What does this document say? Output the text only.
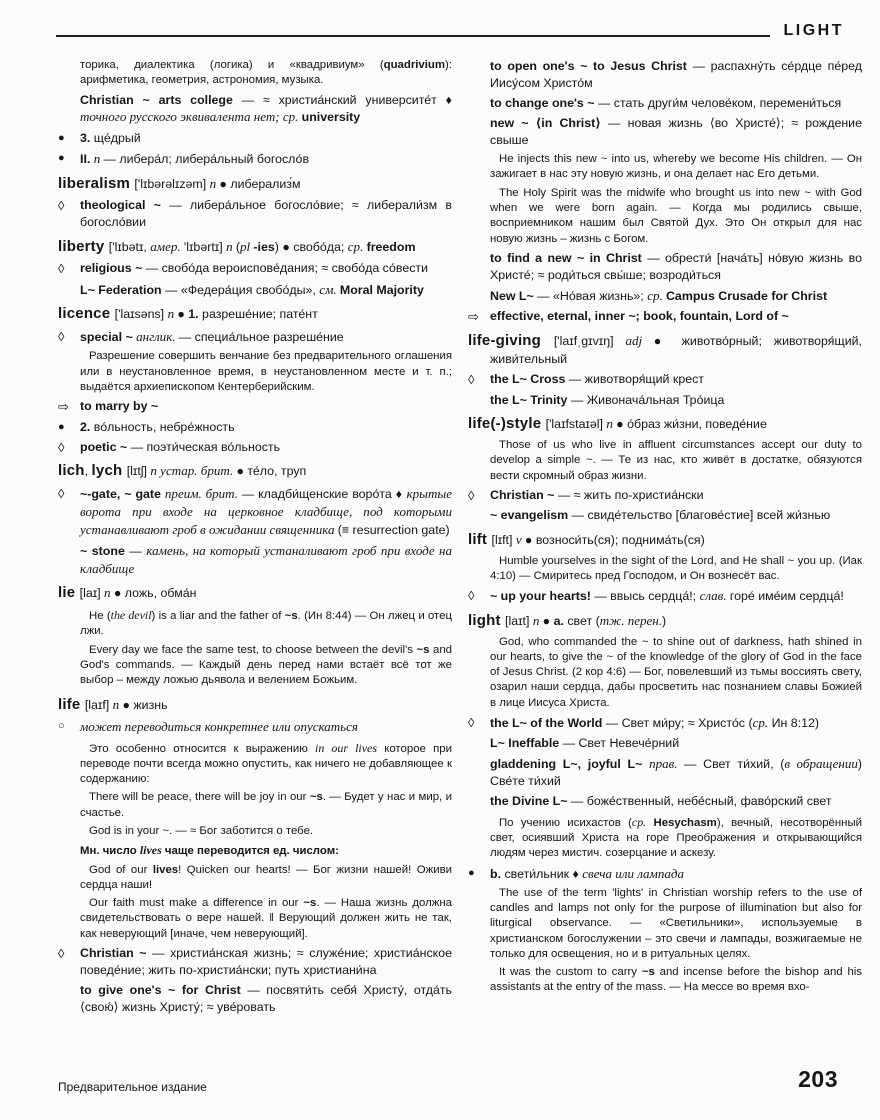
LIGHT
торика, диалектика (логика) и «квадривиум» (quadrivium): арифметика, геометрия, астрономия, музыка.
Christian ~ arts college — ≈ христиа́нский университе́т ♦ точного русского эквивалента нет; ср. university
●	3. ще́дрый
●	II. n — либера́л; либера́льный богосло́в
liberalism ['lɪbərəlɪzəm] n ● либерализ́м
◊	theological ~ — либера́льное богосло́вие; ≈ либерали́зм в богосло́вии
liberty ['lɪbətɪ, амер. 'lɪbərtɪ] n (pl -ies) ● свобо́да; ср. freedom
◊	religious ~ — свобо́да вероиспове́дания; ≈ свобо́да со́вести
L~ Federation — «Федера́ция свобо́ды», см. Moral Majority
licence ['laɪsəns] n ● 1. разреше́ние; пате́нт
◊	special ~ англик. — специа́льное разреше́ние
Разрешение совершить венчание без предварительного оглашения или в неустановленное время, в неустановленном месте и т. п.; выдаётся архиепископом Кентерберийским.
⇨ to marry by ~
●	2. во́льность, небре́жность
◊	poetic ~ — поэти́ческая во́льность
lich, lych [lɪtʃ] n устар. брит. ● те́ло, труп
◊	~-gate, ~ gate преим. брит. — кладби́щенские воро́та ♦ крытые ворота при входе на церковное кладбище, под которыми устанавливают гроб в ожидании священника (≡ resurrection gate)
~ stone — камень, на который устаналивают гроб при входе на кладбище
lie [laɪ] n ● ложь, обма́н
He (the devil) is a liar and the father of ~s. (Ин 8:44) — Он лжец и отец лжи.
Every day we face the same test, to choose between the devil's ~s and God's commands. — Каждый день перед нами встаёт всё тот же выбор – между ложью дьявола и велением Божьим.
life [laɪf] n ● жизнь
○	может переводиться конкретнее или опускаться
Это особенно относится к выражению in our lives которое при переводе почти всегда можно опустить, как ничего не добавляющее к содержанию:
There will be peace, there will be joy in our ~s. — Будет у нас и мир, и счастье.
God is in your ~. — ≈ Бог заботится о тебе.
Мн. число lives чаще переводится ед. числом:
God of our lives! Quicken our hearts! — Бог жизни нашей! Оживи сердца наши!
Our faith must make a difference in our ~s. — Наша жизнь должна свидетельствовать о вере нашей. ‖ Верующий должен жить не так, как неверующий [иначе, чем неверующий].
◊	Christian ~ — христиа́нская жизнь; ≈ служе́ние; христиа́нское поведе́ние; жить по-христиа́нски; путь христиани́на
to give one's ~ for Christ — посвяти́ть себя́ Христу́, отда́ть ⟨свою́⟩ жизнь Христу́; ≈ уве́ровать
to open one's ~ to Jesus Christ — распахну́ть се́рдце пе́ред Иису́сом Христо́м
to change one's ~ — стать други́м челове́ком, перемени́ться
new ~ ⟨in Christ⟩ — новая жизнь ⟨во Христе́⟩; ≈ рождение свыше
He injects this new ~ into us, whereby we become His children. — Он зажигает в нас эту новую жизнь, и она делает нас Его детьми.
The Holy Spirit was the midwife who brought us into new ~ with God when we were born again. — Когда мы родились свыше, восприемником нашим был Святой Дух. Это Он открыл для нас новую жизнь – жизнь с Богом.
to find a new ~ in Christ — обрести́ [нача́ть] но́вую жизнь во Христе́; ≈ роди́ться свы́ше; возроди́ться
New L~ — «Но́вая жизнь»; ср. Campus Crusade for Christ
⇨ effective, eternal, inner ~; book, fountain, Lord of ~
life-giving ['laɪfˌgɪvɪŋ] adj ● животво́рный; животворя́щий, живи́тельный
◊	the L~ Cross — животворя́щий крест
the L~ Trinity — Живонача́льная Тро́ица
life(-)style ['laɪfstaɪəl] n ● о́браз жи́зни, поведе́ние
Those of us who live in affluent circumstances accept our duty to develop a simple ~. — Те из нас, кто живёт в достатке, обязуются вести скромный образ жизни.
◊	Christian ~ — ≈ жить по-христиа́нски
~ evangelism — свиде́тельство [благове́стие] всей жи́знью
lift [lɪft] v ● возноси́ть(ся); поднима́ть(ся)
Humble yourselves in the sight of the Lord, and He shall ~ you up. (Иак 4:10) — Смиритесь пред Господом, и Он вознесёт вас.
◊	~ up your hearts! — ввысь сердца́!; слав. горе́ име́им сердца́!
light [laɪt] n ● a. свет (тж. перен.)
God, who commanded the ~ to shine out of darkness, hath shined in our hearts, to give the ~ of the knowledge of the glory of God in the face of Jesus Christ. (2 кор 4:6) — Бог, повелевший из тьмы воссиять свету, озарил наши сердца, дабы просветить нас познанием славы Божией в лице Иисуса Христа.
◊	the L~ of the World — Свет ми́ру; ≈ Христо́с (ср. Ин 8:12)
L~ Ineffable — Свет Невече́рний
gladdening L~, joyful L~ прав. — Свет ти́хий, (в обращении) Све́те ти́хий
the Divine L~ — боже́ственный, небе́сный, фаво́рский свет
По учению исихастов (ср. Hesychasm), вечный, несотворённый свет, осиявший Христа на горе Преображения и открывающийся людям через мистич. созерцание и аскезу.
●	b. свети́льник ♦ свеча или лампада
The use of the term 'lights' in Christian worship refers to the use of candles and lamps not only for the purpose of illumination but also for liturgical observance. — «Светильники», используемые в христианском богослужении – это свечи и лампады, возжигаемые не только для освещения, но и в ритуальных целях.
It was the custom to carry ~s and incense before the bishop and his assistants at the entry of the mass. — На мессе во время вхо-
Предварительное издание	203
